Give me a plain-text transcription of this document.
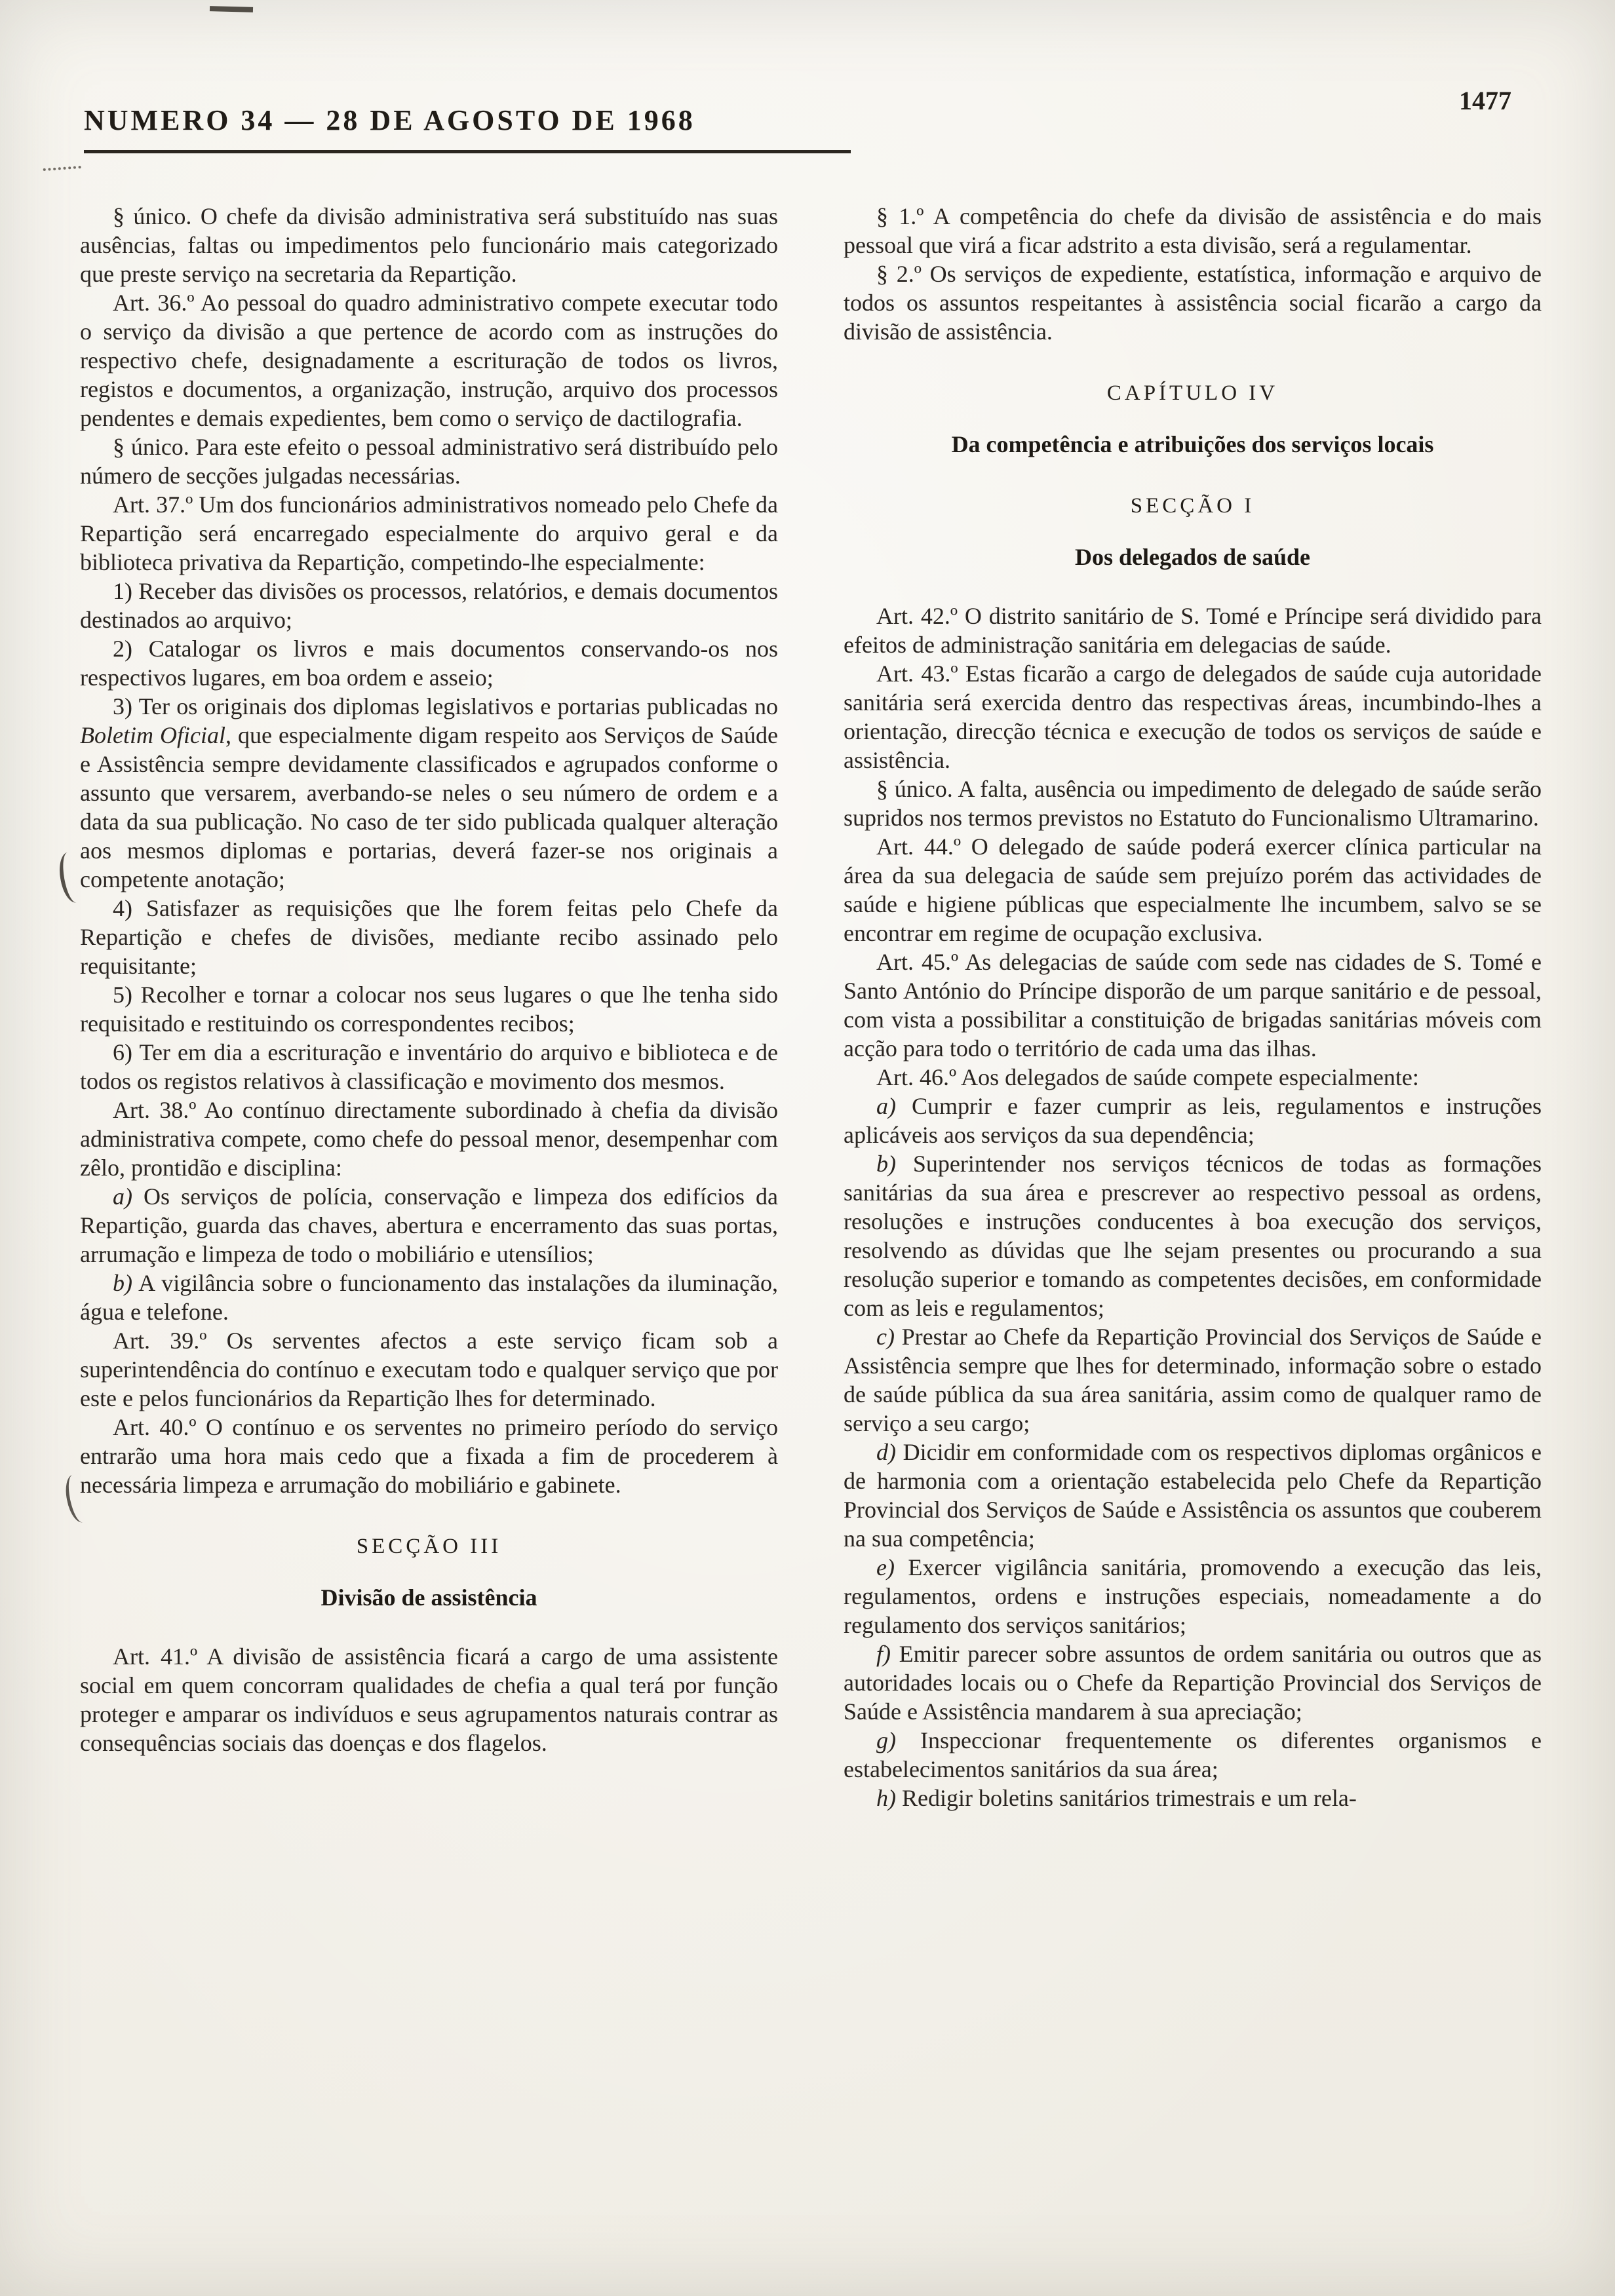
NUMERO 34 — 28 DE AGOSTO DE 1968
1477
§ único. O chefe da divisão administrativa será substituído nas suas ausências, faltas ou impedimentos pelo funcionário mais categorizado que preste serviço na secretaria da Repartição.
Art. 36.º Ao pessoal do quadro administrativo compete executar todo o serviço da divisão a que pertence de acordo com as instruções do respectivo chefe, designadamente a escrituração de todos os livros, registos e documentos, a organização, instrução, arquivo dos processos pendentes e demais expedientes, bem como o serviço de dactilografia.
§ único. Para este efeito o pessoal administrativo será distribuído pelo número de secções julgadas necessárias.
Art. 37.º Um dos funcionários administrativos nomeado pelo Chefe da Repartição será encarregado especialmente do arquivo geral e da biblioteca privativa da Repartição, competindo-lhe especialmente:
1) Receber das divisões os processos, relatórios, e demais documentos destinados ao arquivo;
2) Catalogar os livros e mais documentos conservando-os nos respectivos lugares, em boa ordem e asseio;
3) Ter os originais dos diplomas legislativos e portarias publicadas no Boletim Oficial, que especialmente digam respeito aos Serviços de Saúde e Assistência sempre devidamente classificados e agrupados conforme o assunto que versarem, averbando-se neles o seu número de ordem e a data da sua publicação. No caso de ter sido publicada qualquer alteração aos mesmos diplomas e portarias, deverá fazer-se nos originais a competente anotação;
4) Satisfazer as requisições que lhe forem feitas pelo Chefe da Repartição e chefes de divisões, mediante recibo assinado pelo requisitante;
5) Recolher e tornar a colocar nos seus lugares o que lhe tenha sido requisitado e restituindo os correspondentes recibos;
6) Ter em dia a escrituração e inventário do arquivo e biblioteca e de todos os registos relativos à classificação e movimento dos mesmos.
Art. 38.º Ao contínuo directamente subordinado à chefia da divisão administrativa compete, como chefe do pessoal menor, desempenhar com zêlo, prontidão e disciplina:
a) Os serviços de polícia, conservação e limpeza dos edifícios da Repartição, guarda das chaves, abertura e encerramento das suas portas, arrumação e limpeza de todo o mobiliário e utensílios;
b) A vigilância sobre o funcionamento das instalações da iluminação, água e telefone.
Art. 39.º Os serventes afectos a este serviço ficam sob a superintendência do contínuo e executam todo e qualquer serviço que por este e pelos funcionários da Repartição lhes for determinado.
Art. 40.º O contínuo e os serventes no primeiro período do serviço entrarão uma hora mais cedo que a fixada a fim de procederem à necessária limpeza e arrumação do mobiliário e gabinete.
SECÇÃO III
Divisão de assistência
Art. 41.º A divisão de assistência ficará a cargo de uma assistente social em quem concorram qualidades de chefia a qual terá por função proteger e amparar os indivíduos e seus agrupamentos naturais contrar as consequências sociais das doenças e dos flagelos.
§ 1.º A competência do chefe da divisão de assistência e do mais pessoal que virá a ficar adstrito a esta divisão, será a regulamentar.
§ 2.º Os serviços de expediente, estatística, informação e arquivo de todos os assuntos respeitantes à assistência social ficarão a cargo da divisão de assistência.
CAPÍTULO IV
Da competência e atribuições dos serviços locais
SECÇÃO I
Dos delegados de saúde
Art. 42.º O distrito sanitário de S. Tomé e Príncipe será dividido para efeitos de administração sanitária em delegacias de saúde.
Art. 43.º Estas ficarão a cargo de delegados de saúde cuja autoridade sanitária será exercida dentro das respectivas áreas, incumbindo-lhes a orientação, direcção técnica e execução de todos os serviços de saúde e assistência.
§ único. A falta, ausência ou impedimento de delegado de saúde serão supridos nos termos previstos no Estatuto do Funcionalismo Ultramarino.
Art. 44.º O delegado de saúde poderá exercer clínica particular na área da sua delegacia de saúde sem prejuízo porém das actividades de saúde e higiene públicas que especialmente lhe incumbem, salvo se se encontrar em regime de ocupação exclusiva.
Art. 45.º As delegacias de saúde com sede nas cidades de S. Tomé e Santo António do Príncipe disporão de um parque sanitário e de pessoal, com vista a possibilitar a constituição de brigadas sanitárias móveis com acção para todo o território de cada uma das ilhas.
Art. 46.º Aos delegados de saúde compete especialmente:
a) Cumprir e fazer cumprir as leis, regulamentos e instruções aplicáveis aos serviços da sua dependência;
b) Superintender nos serviços técnicos de todas as formações sanitárias da sua área e prescrever ao respectivo pessoal as ordens, resoluções e instruções conducentes à boa execução dos serviços, resolvendo as dúvidas que lhe sejam presentes ou procurando a sua resolução superior e tomando as competentes decisões, em conformidade com as leis e regulamentos;
c) Prestar ao Chefe da Repartição Provincial dos Serviços de Saúde e Assistência sempre que lhes for determinado, informação sobre o estado de saúde pública da sua área sanitária, assim como de qualquer ramo de serviço a seu cargo;
d) Dicidir em conformidade com os respectivos diplomas orgânicos e de harmonia com a orientação estabelecida pelo Chefe da Repartição Provincial dos Serviços de Saúde e Assistência os assuntos que couberem na sua competência;
e) Exercer vigilância sanitária, promovendo a execução das leis, regulamentos, ordens e instruções especiais, nomeadamente a do regulamento dos serviços sanitários;
f) Emitir parecer sobre assuntos de ordem sanitária ou outros que as autoridades locais ou o Chefe da Repartição Provincial dos Serviços de Saúde e Assistência mandarem à sua apreciação;
g) Inspeccionar frequentemente os diferentes organismos e estabelecimentos sanitários da sua área;
h) Redigir boletins sanitários trimestrais e um rela-
